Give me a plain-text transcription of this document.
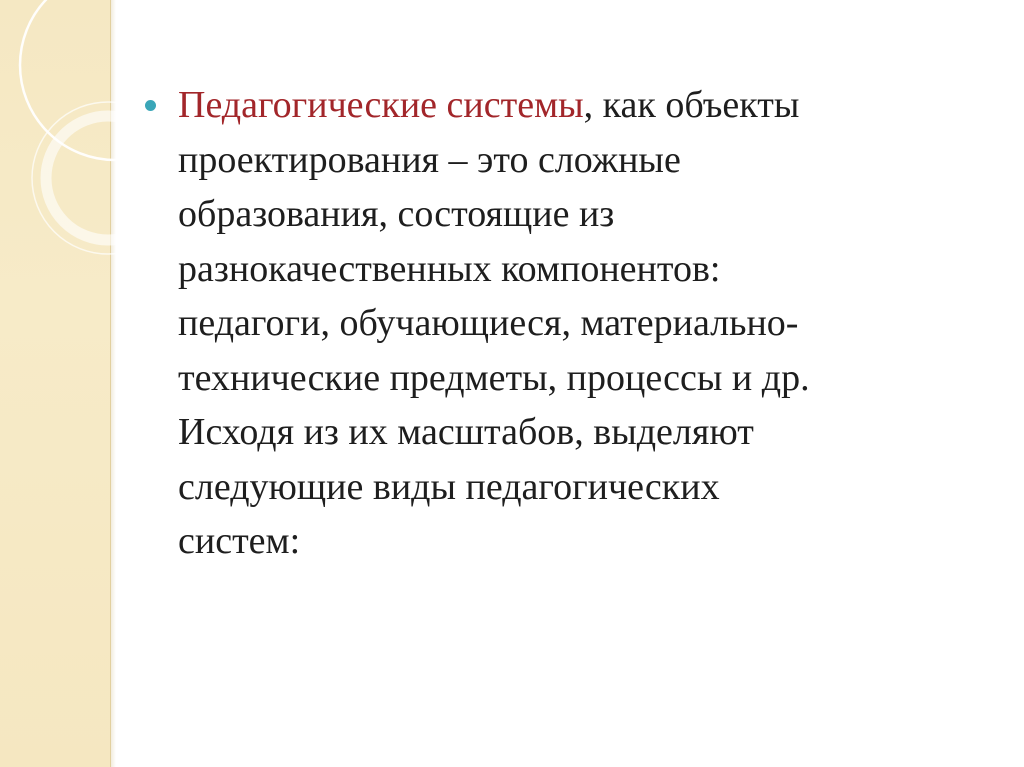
Педагогические системы, как объекты
проектирования – это сложные
образования, состоящие из
разнокачественных компонентов:
педагоги, обучающиеся, материально-
технические предметы, процессы и др.
Исходя из их масштабов, выделяют
следующие виды педагогических
систем:
